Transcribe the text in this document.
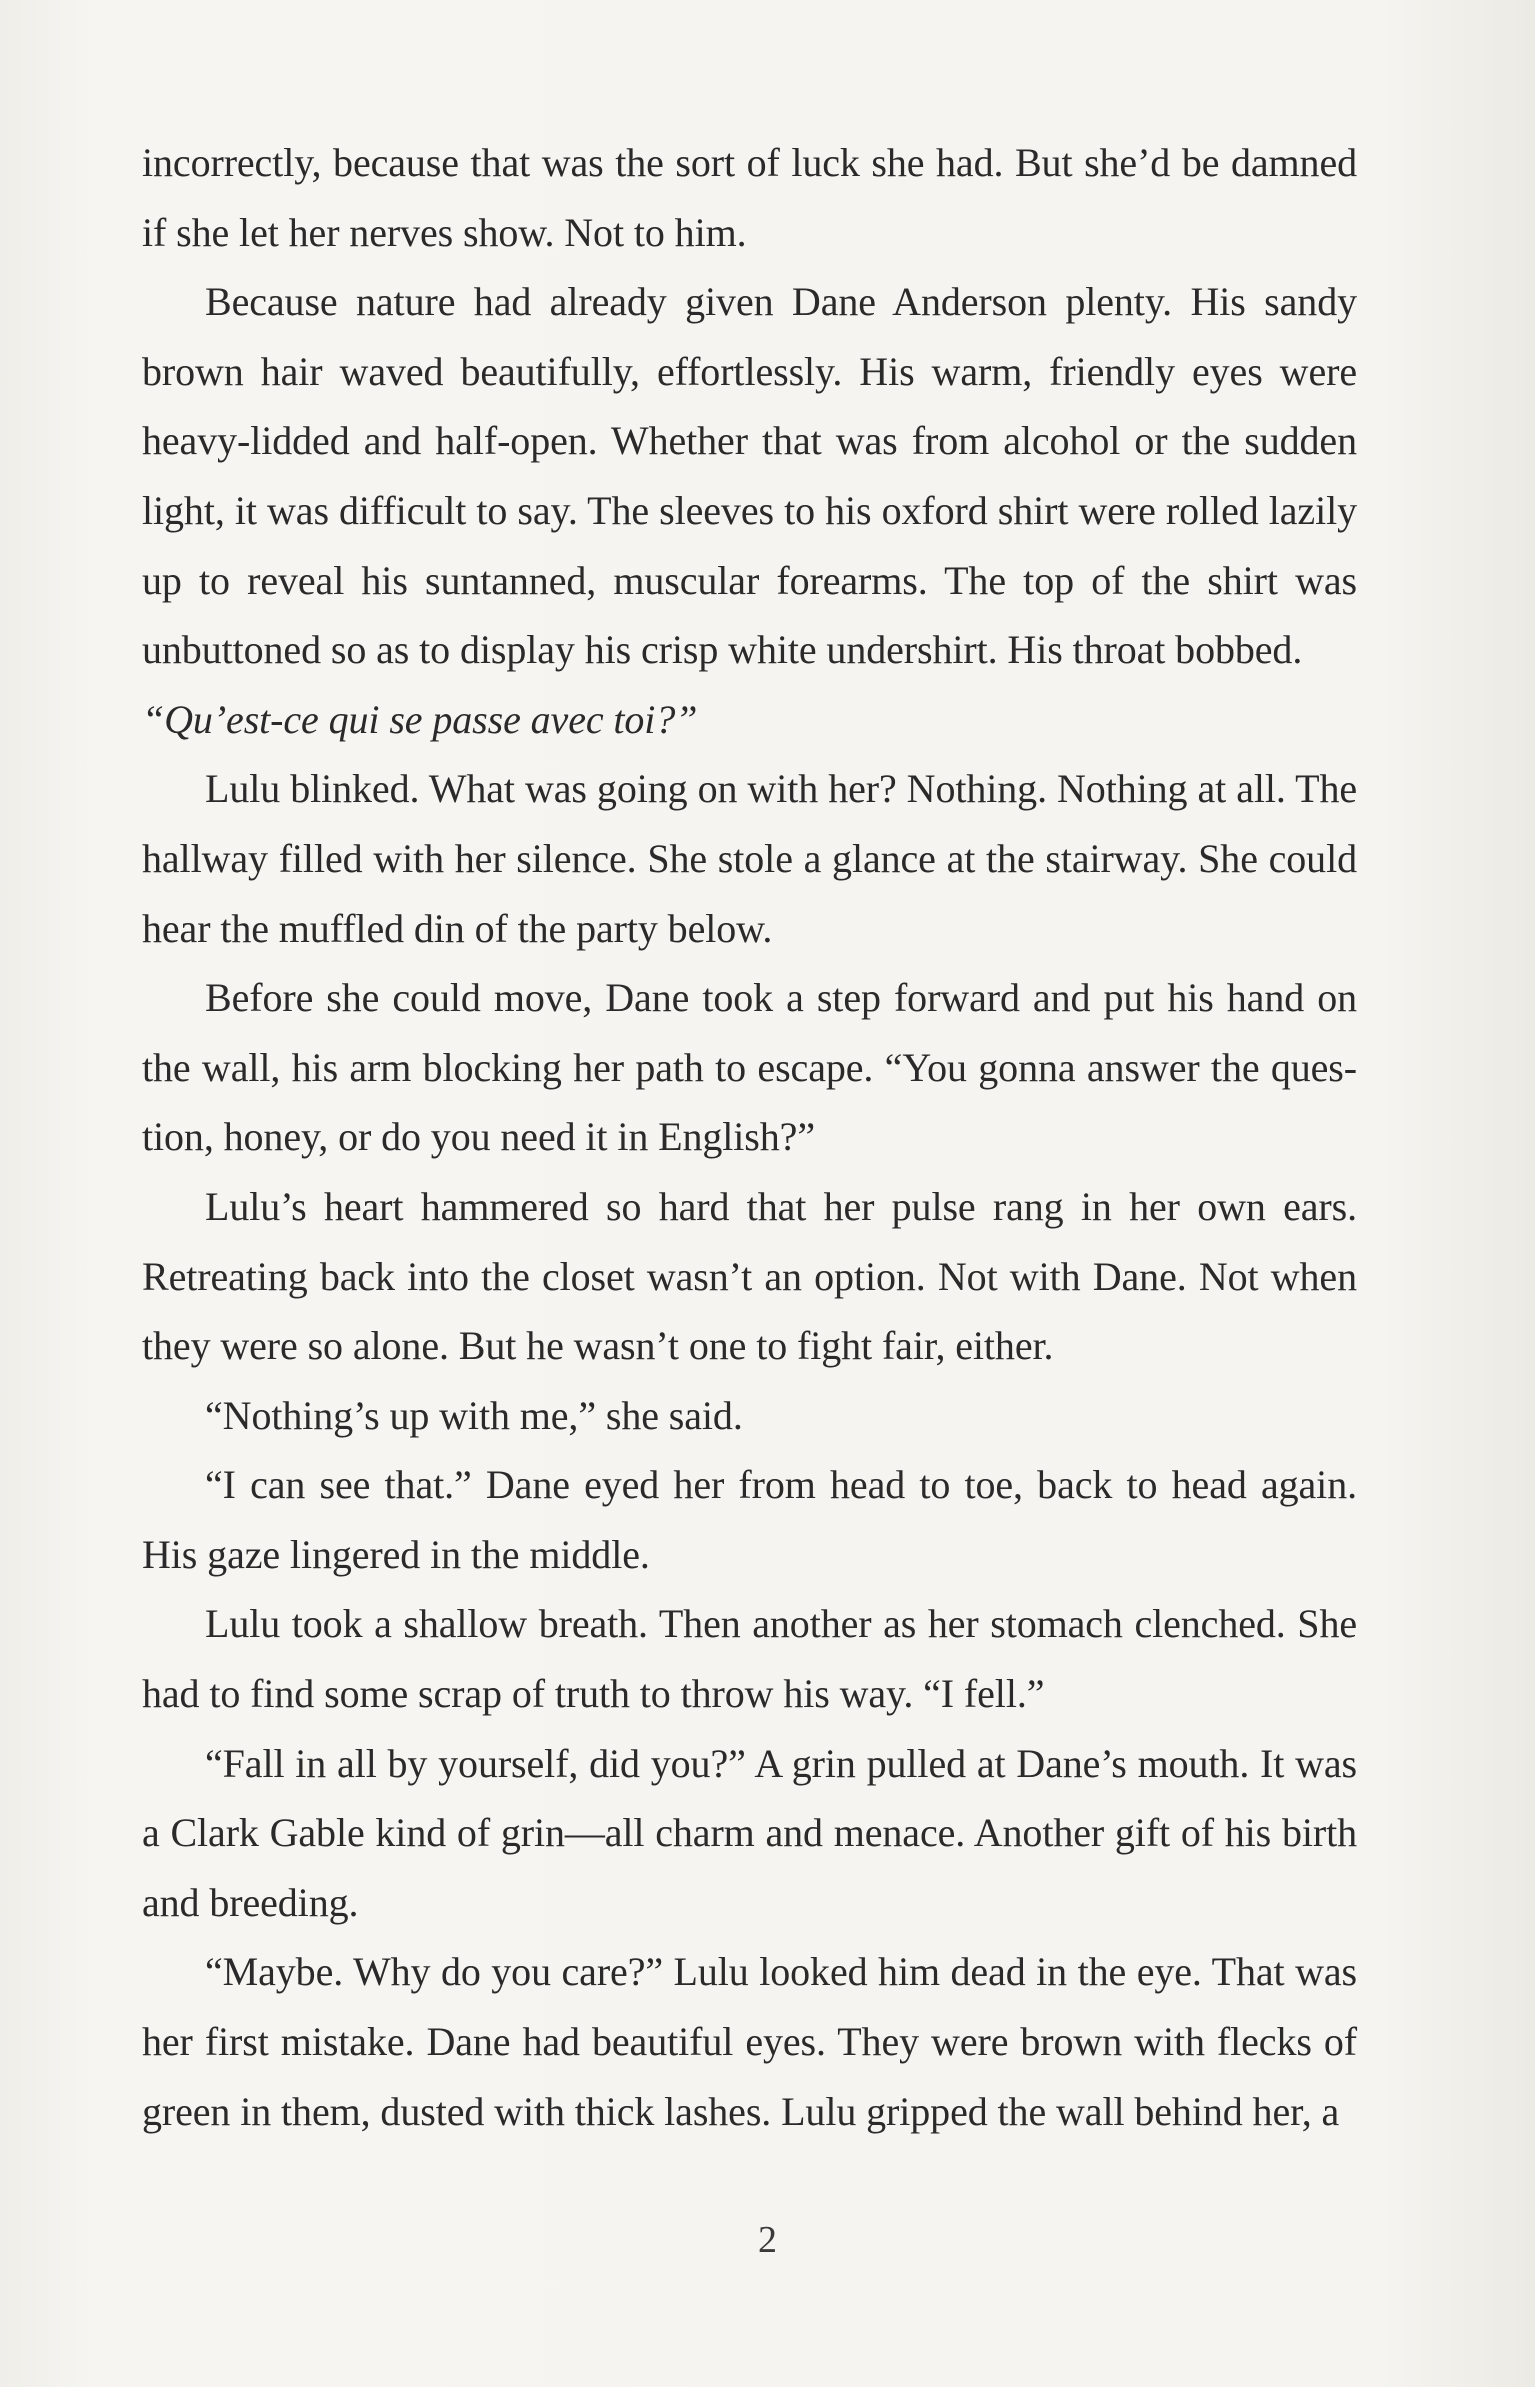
incorrectly, because that was the sort of luck she had. But she’d be damned if she let her nerves show. Not to him.

Because nature had already given Dane Anderson plenty. His sandy brown hair waved beautifully, effortlessly. His warm, friendly eyes were heavy-lidded and half-open. Whether that was from alcohol or the sudden light, it was difficult to say. The sleeves to his oxford shirt were rolled lazily up to reveal his suntanned, muscular forearms. The top of the shirt was unbuttoned so as to display his crisp white undershirt. His throat bobbed.

“Qu’est-ce qui se passe avec toi?”

Lulu blinked. What was going on with her? Nothing. Nothing at all. The hallway filled with her silence. She stole a glance at the stairway. She could hear the muffled din of the party below.

Before she could move, Dane took a step forward and put his hand on the wall, his arm blocking her path to escape. “You gonna answer the ques-tion, honey, or do you need it in English?”

Lulu’s heart hammered so hard that her pulse rang in her own ears. Retreating back into the closet wasn’t an option. Not with Dane. Not when they were so alone. But he wasn’t one to fight fair, either.

“Nothing’s up with me,” she said.

“I can see that.” Dane eyed her from head to toe, back to head again. His gaze lingered in the middle.

Lulu took a shallow breath. Then another as her stomach clenched. She had to find some scrap of truth to throw his way. “I fell.”

“Fall in all by yourself, did you?” A grin pulled at Dane’s mouth. It was a Clark Gable kind of grin—all charm and menace. Another gift of his birth and breeding.

“Maybe. Why do you care?” Lulu looked him dead in the eye. That was her first mistake. Dane had beautiful eyes. They were brown with flecks of green in them, dusted with thick lashes. Lulu gripped the wall behind her, a

2
